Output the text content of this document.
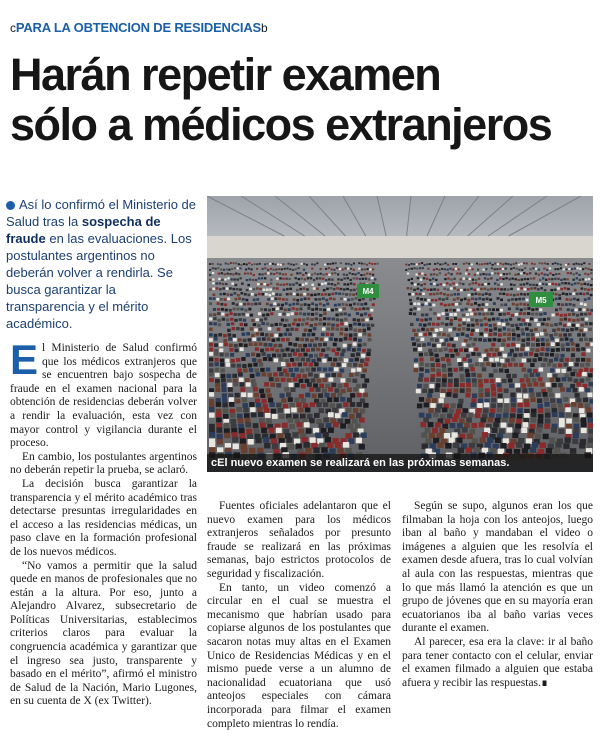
cPARA LA OBTENCION DE RESIDENCIASb
Harán repetir examen
sólo a médicos extranjeros
Así lo confirmó el Ministerio de Salud tras la sospecha de fraude en las evaluaciones. Los postulantes argentinos no deberán volver a rendirla. Se busca garantizar la transparencia y el mérito académico.
M4
M5
cEl nuevo examen se realizará en las próximas semanas.

El Ministerio de Salud confirmó que los médicos extranjeros que se encuentren bajo sospecha de fraude en el examen nacional para la obtención de residencias deberán volver a rendir la evaluación, esta vez con mayor control y vigilancia durante el proceso.

En cambio, los postulantes argentinos no deberán repetir la prueba, se aclaró.

La decisión busca garantizar la transparencia y el mérito académico tras detectarse presuntas irregularidades en el acceso a las residencias médicas, un paso clave en la formación profesional de los nuevos médicos.

“No vamos a permitir que la salud quede en manos de profesionales que no están a la altura. Por eso, junto a Alejandro Alvarez, subsecretario de Políticas Universitarias, establecimos criterios claros para evaluar la congruencia académica y garantizar que el ingreso sea justo, transparente y basado en el mérito”, afirmó el ministro de Salud de la Nación, Mario Lugones, en su cuenta de X (ex Twitter).

Fuentes oficiales adelantaron que el nuevo examen para los médicos extranjeros señalados por presunto fraude se realizará en las próximas semanas, bajo estrictos protocolos de seguridad y fiscalización.

En tanto, un video comenzó a circular en el cual se muestra el mecanismo que habrían usado para copiarse algunos de los postulantes que sacaron notas muy altas en el Examen Unico de Residencias Médicas y en el mismo puede verse a un alumno de nacionalidad ecuatoriana que usó anteojos especiales con cámara incorporada para filmar el examen completo mientras lo rendía.

Según se supo, algunos eran los que filmaban la hoja con los anteojos, luego iban al baño y mandaban el video o imágenes a alguien que les resolvía el examen desde afuera, tras lo cual volvían al aula con las respuestas, mientras que lo que más llamó la atención es que un grupo de jóvenes que en su mayoría eran ecuatorianos iba al baño varias veces durante el examen.

Al parecer, esa era la clave: ir al baño para tener contacto con el celular, enviar el examen filmado a alguien que estaba afuera y recibir las respuestas.∎
